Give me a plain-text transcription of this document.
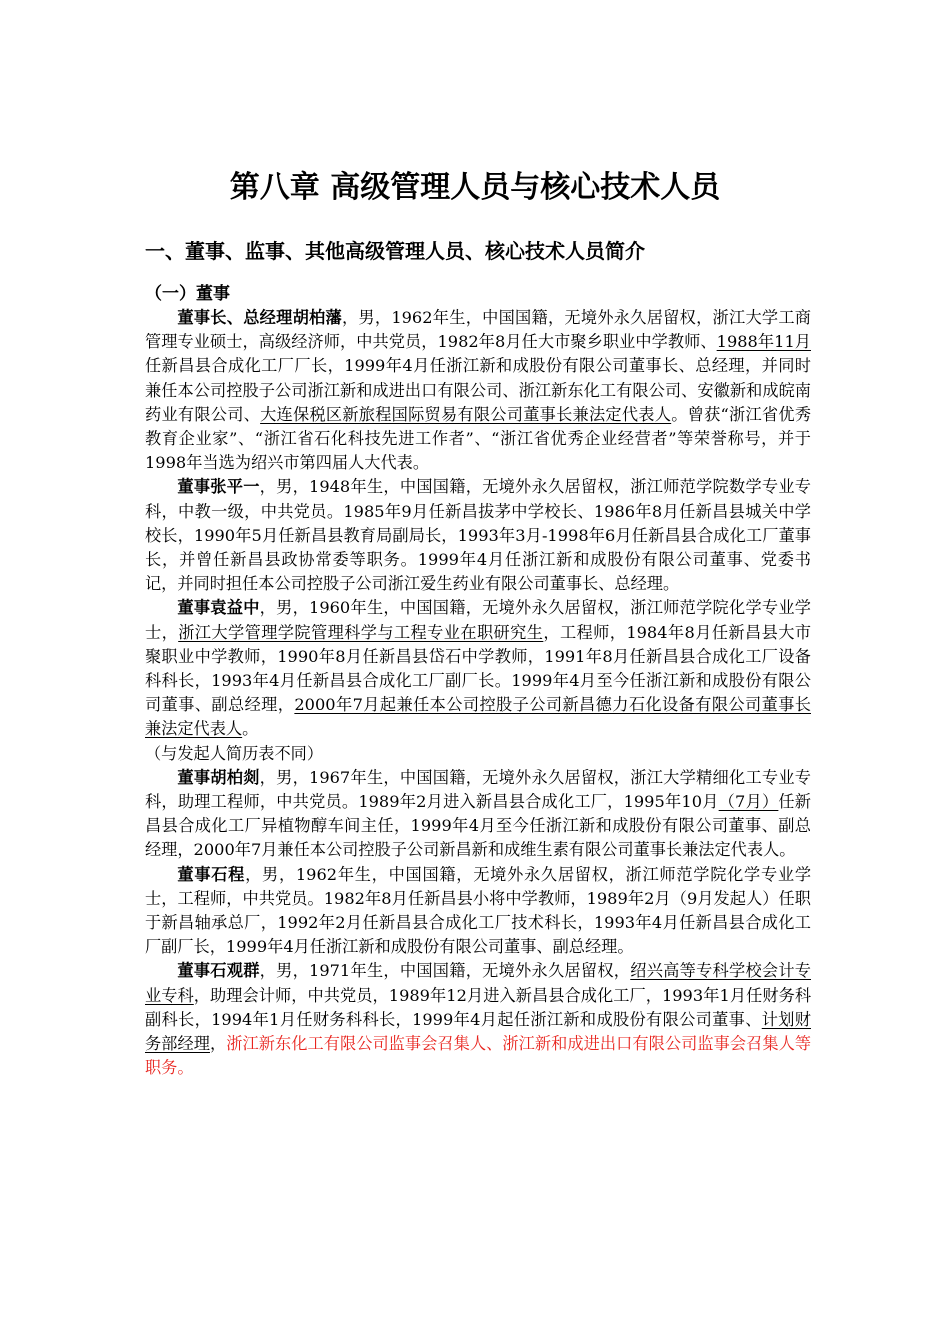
第八章 高级管理人员与核心技术人员
一、董事、监事、其他高级管理人员、核心技术人员简介
（一）董事

董事长、总经理胡柏藩，男，1962年生，中国国籍，无境外永久居留权，浙江大学工商管理专业硕士，高级经济师，中共党员，1982年8月任大市聚乡职业中学教师、1988年11月任新昌县合成化工厂厂长，1999年4月任浙江新和成股份有限公司董事长、总经理，并同时兼任本公司控股子公司浙江新和成进出口有限公司、浙江新东化工有限公司、安徽新和成皖南药业有限公司、大连保税区新旅程国际贸易有限公司董事长兼法定代表人。曾获“浙江省优秀教育企业家”、“浙江省石化科技先进工作者”、“浙江省优秀企业经营者”等荣誉称号，并于1998年当选为绍兴市第四届人大代表。

董事张平一，男，1948年生，中国国籍，无境外永久居留权，浙江师范学院数学专业专科，中教一级，中共党员。1985年9月任新昌拔茅中学校长、1986年8月任新昌县城关中学校长，1990年5月任新昌县教育局副局长，1993年3月-1998年6月任新昌县合成化工厂董事长，并曾任新昌县政协常委等职务。1999年4月任浙江新和成股份有限公司董事、党委书记，并同时担任本公司控股子公司浙江爱生药业有限公司董事长、总经理。

董事袁益中，男，1960年生，中国国籍，无境外永久居留权，浙江师范学院化学专业学士，浙江大学管理学院管理科学与工程专业在职研究生，工程师，1984年8月任新昌县大市聚职业中学教师，1990年8月任新昌县岱石中学教师，1991年8月任新昌县合成化工厂设备科科长，1993年4月任新昌县合成化工厂副厂长。1999年4月至今任浙江新和成股份有限公司董事、副总经理，2000年7月起兼任本公司控股子公司新昌德力石化设备有限公司董事长兼法定代表人。

（与发起人简历表不同）

董事胡柏剡，男，1967年生，中国国籍，无境外永久居留权，浙江大学精细化工专业专科，助理工程师，中共党员。1989年2月进入新昌县合成化工厂，1995年10月（7月）任新昌县合成化工厂异植物醇车间主任，1999年4月至今任浙江新和成股份有限公司董事、副总经理，2000年7月兼任本公司控股子公司新昌新和成维生素有限公司董事长兼法定代表人。

董事石程，男，1962年生，中国国籍，无境外永久居留权，浙江师范学院化学专业学士，工程师，中共党员。1982年8月任新昌县小将中学教师，1989年2月（9月发起人）任职于新昌轴承总厂，1992年2月任新昌县合成化工厂技术科长，1993年4月任新昌县合成化工厂副厂长，1999年4月任浙江新和成股份有限公司董事、副总经理。

董事石观群，男，1971年生，中国国籍，无境外永久居留权，绍兴高等专科学校会计专业专科，助理会计师，中共党员，1989年12月进入新昌县合成化工厂，1993年1月任财务科副科长，1994年1月任财务科科长，1999年4月起任浙江新和成股份有限公司董事、计划财务部经理，浙江新东化工有限公司监事会召集人、浙江新和成进出口有限公司监事会召集人等职务。
